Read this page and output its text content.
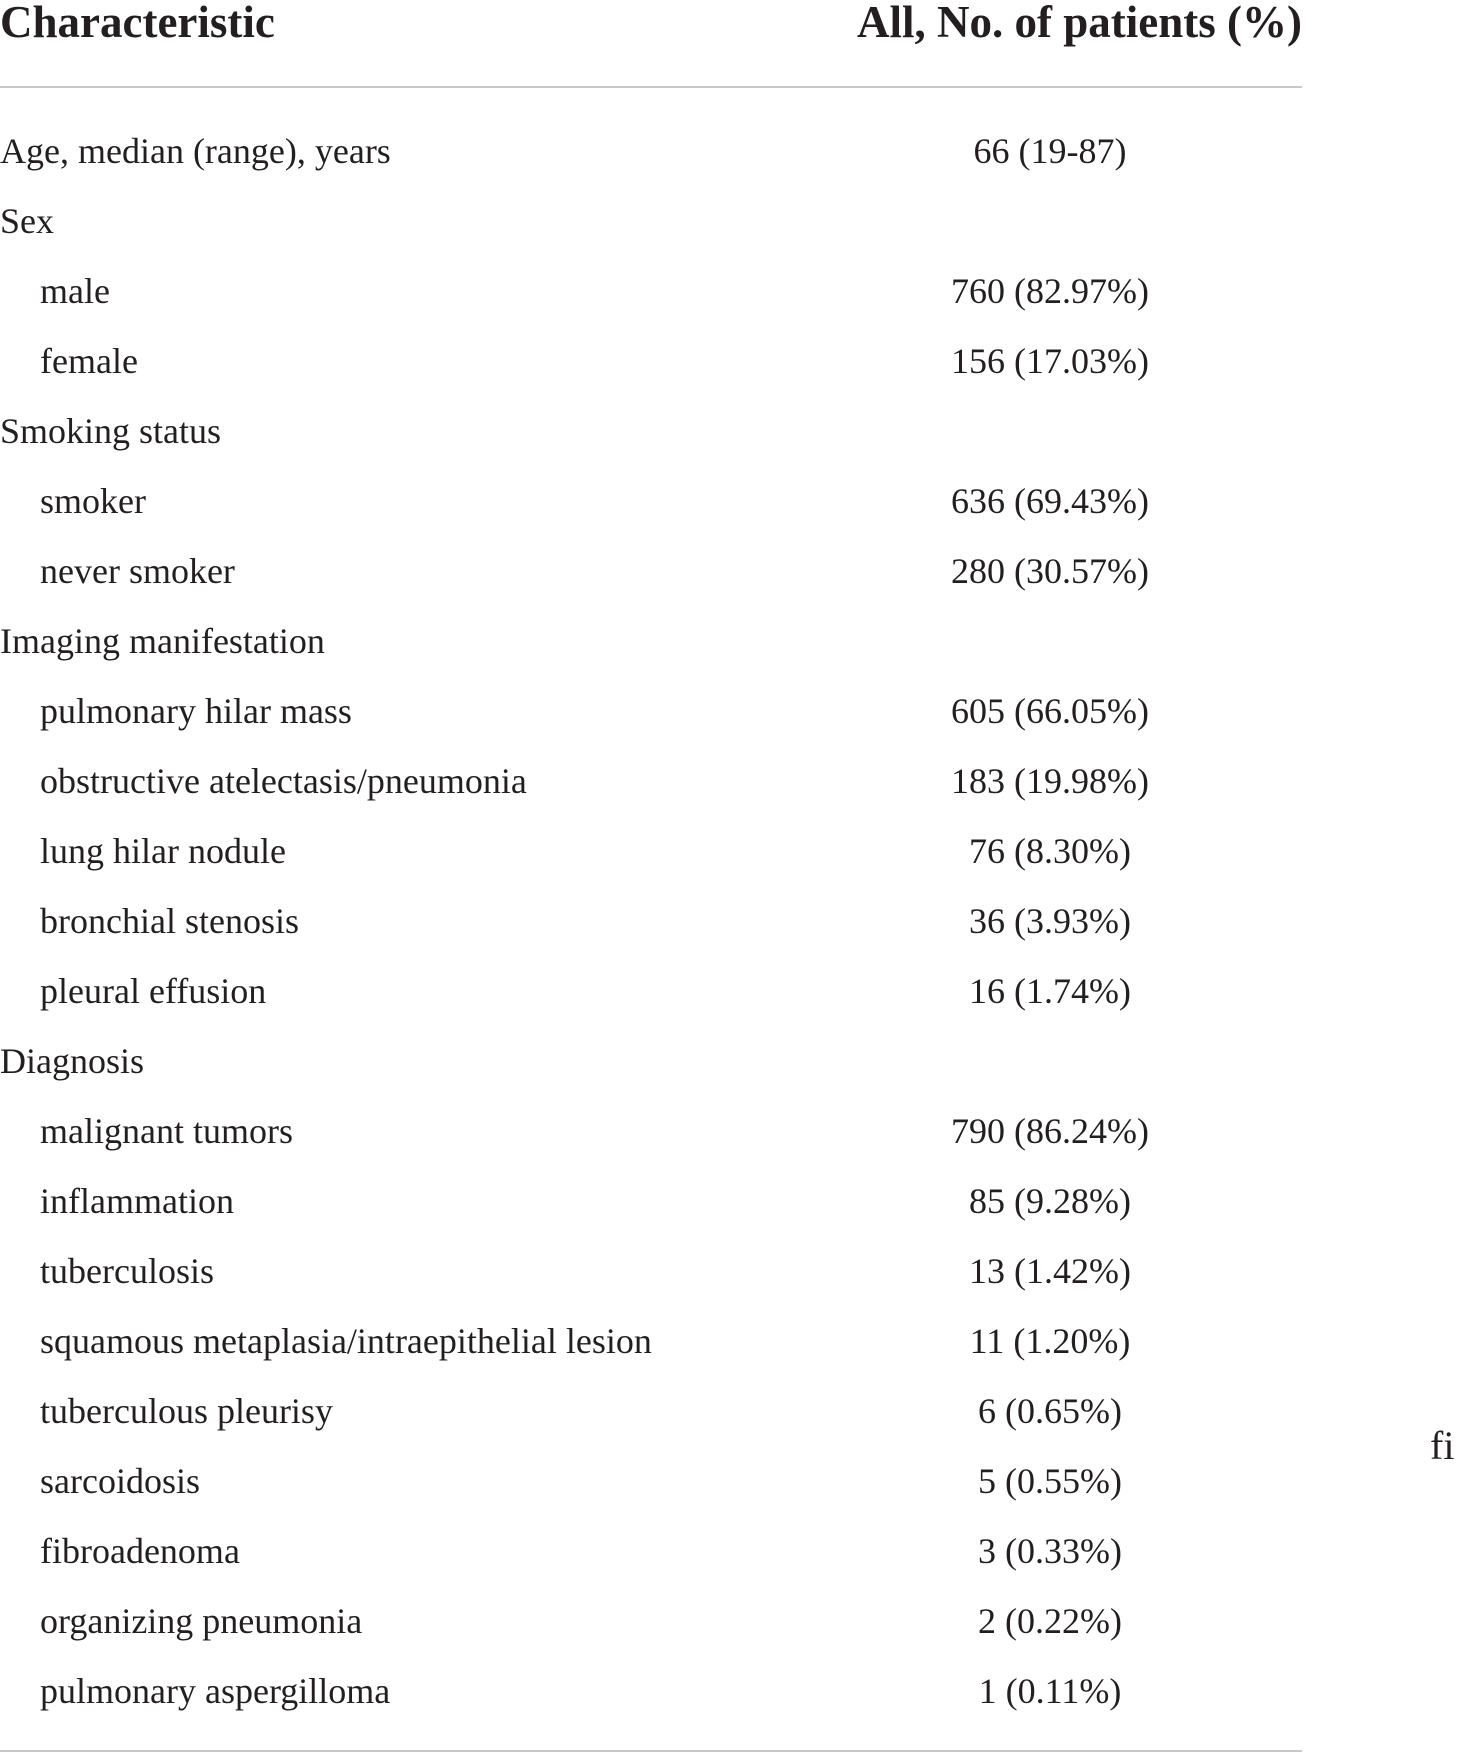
Characteristic	All, No. of patients (%)
Age, median (range), years	66 (19-87)
Sex
male	760 (82.97%)
female	156 (17.03%)
Smoking status
smoker	636 (69.43%)
never smoker	280 (30.57%)
Imaging manifestation
pulmonary hilar mass	605 (66.05%)
obstructive atelectasis/pneumonia	183 (19.98%)
lung hilar nodule	76 (8.30%)
bronchial stenosis	36 (3.93%)
pleural effusion	16 (1.74%)
Diagnosis
malignant tumors	790 (86.24%)
inflammation	85 (9.28%)
tuberculosis	13 (1.42%)
squamous metaplasia/intraepithelial lesion	11 (1.20%)
tuberculous pleurisy	6 (0.65%)
sarcoidosis	5 (0.55%)
fibroadenoma	3 (0.33%)
organizing pneumonia	2 (0.22%)
pulmonary aspergilloma	1 (0.11%)
fi
